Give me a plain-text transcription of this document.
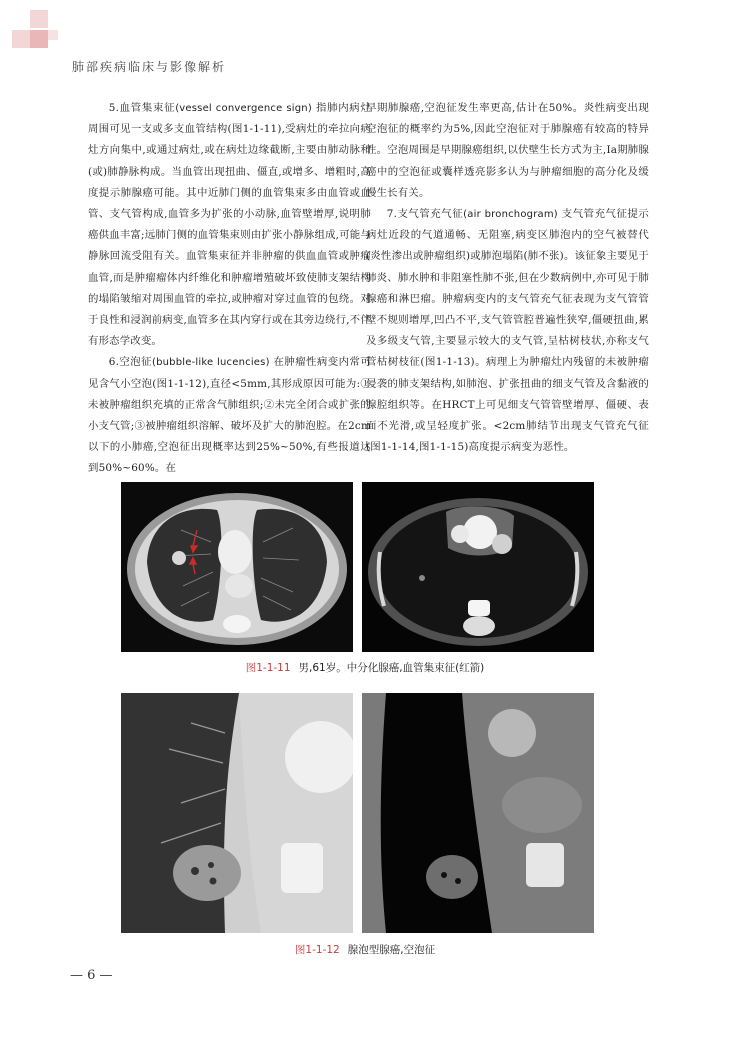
肺部疾病临床与影像解析

5.血管集束征(vessel convergence sign) 指肺内病灶周围可见一支或多支血管结构(图1-1-11),受病灶的牵拉向病灶方向集中,或通过病灶,或在病灶边缘截断,主要由肺动脉和(或)肺静脉构成。当血管出现扭曲、僵直,或增多、增粗时,高度提示肺腺癌可能。其中近肺门侧的血管集束多由血管或血管、支气管构成,血管多为扩张的小动脉,血管壁增厚,说明肺癌供血丰富;远肺门侧的血管集束则由扩张小静脉组成,可能与静脉回流受阻有关。血管集束征并非肿瘤的供血血管或肿瘤血管,而是肿瘤瘤体内纤维化和肿瘤增殖破坏致使肺支架结构的塌陷皱缩对周围血管的牵拉,或肿瘤对穿过血管的包绕。对于良性和浸润前病变,血管多在其内穿行或在其旁边绕行,不伴有形态学改变。

6.空泡征(bubble-like lucencies) 在肿瘤性病变内常可见含气小空泡(图1-1-12),直径<5mm,其形成原因可能为:①未被肿瘤组织充填的正常含气肺组织;②未完全闭合或扩张的小支气管;③被肿瘤组织溶解、破坏及扩大的肺泡腔。在2cm以下的小肺癌,空泡征出现概率达到25%~50%,有些报道达到50%~60%。在

早期肺腺癌,空泡征发生率更高,估计在50%。炎性病变出现空泡征的概率约为5%,因此空泡征对于肺腺癌有较高的特异性。空泡周围是早期腺癌组织,以伏壁生长方式为主,Ⅰa期肺腺癌中的空泡征或囊样透亮影多认为与肿瘤细胞的高分化及缓慢生长有关。

7.支气管充气征(air bronchogram) 支气管充气征提示病灶近段的气道通畅、无阻塞,病变区肺泡内的空气被替代(炎性渗出或肿瘤组织)或肺泡塌陷(肺不张)。该征象主要见于肺炎、肺水肿和非阻塞性肺不张,但在少数病例中,亦可见于肺腺癌和淋巴瘤。肿瘤病变内的支气管充气征表现为支气管管壁不规则增厚,凹凸不平,支气管管腔普遍性狭窄,僵硬扭曲,累及多级支气管,主要显示较大的支气管,呈枯树枝状,亦称支气管枯树枝征(图1-1-13)。病理上为肿瘤灶内残留的未被肿瘤侵袭的肺支架结构,如肺泡、扩张扭曲的细支气管及含黏液的腺腔组织等。在HRCT上可见细支气管管壁增厚、僵硬、表面不光滑,或呈轻度扩张。<2cm肺结节出现支气管充气征(图1-1-14,图1-1-15)高度提示病变为恶性。

图1-1-11 男,61岁。中分化腺癌,血管集束征(红箭)
图1-1-12 腺泡型腺癌,空泡征
— 6 —
